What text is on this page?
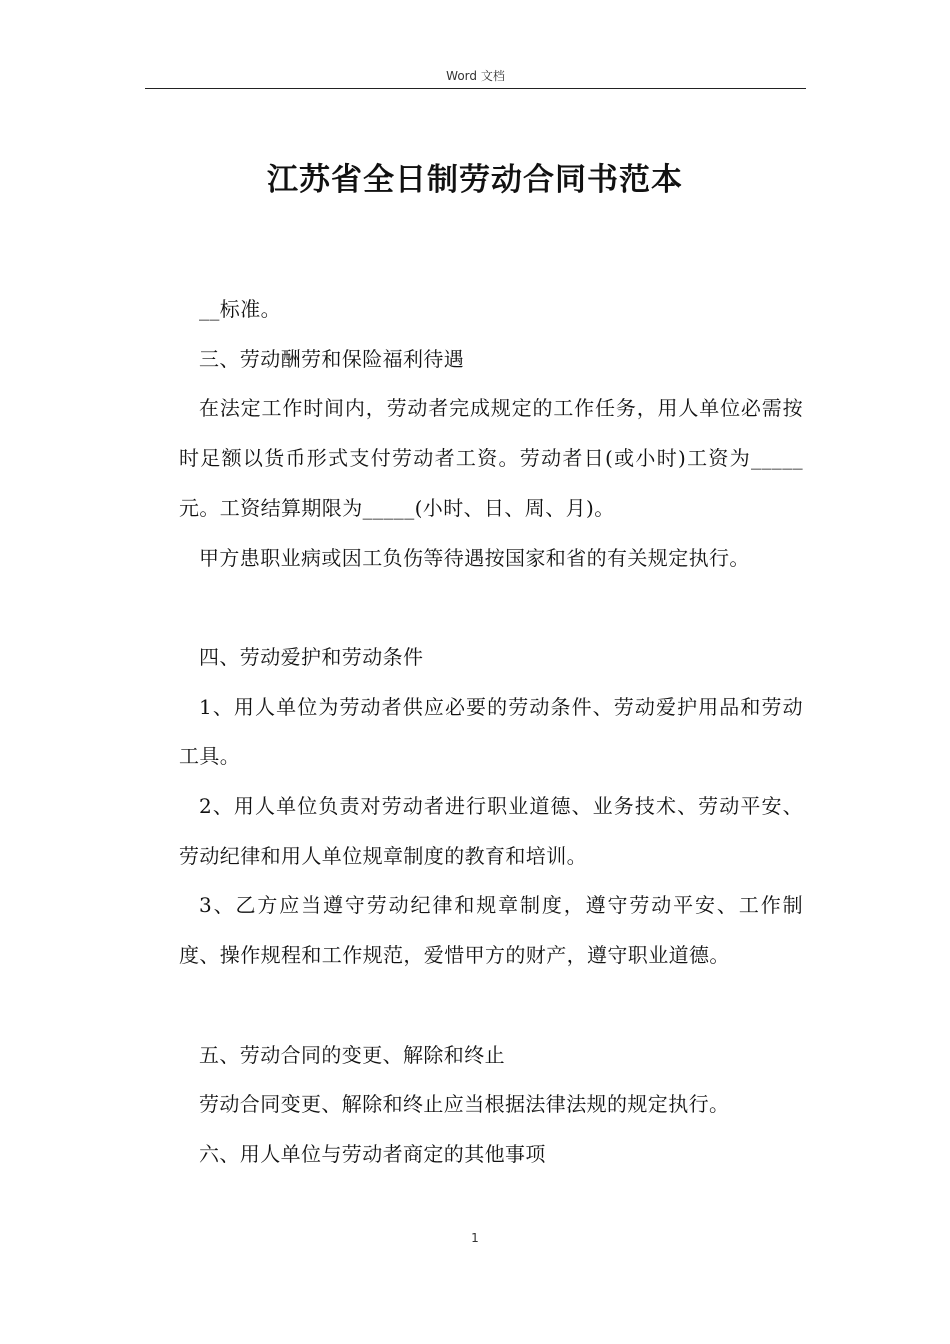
Word 文档
江苏省全日制劳动合同书范本

__标准。

三、劳动酬劳和保险福利待遇

在法定工作时间内，劳动者完成规定的工作任务，用人单位必需按时足额以货币形式支付劳动者工资。劳动者日(或小时)工资为_____元。工资结算期限为_____(小时、日、周、月)。

甲方患职业病或因工负伤等待遇按国家和省的有关规定执行。

四、劳动爱护和劳动条件

1、用人单位为劳动者供应必要的劳动条件、劳动爱护用品和劳动工具。

2、用人单位负责对劳动者进行职业道德、业务技术、劳动平安、劳动纪律和用人单位规章制度的教育和培训。

3、乙方应当遵守劳动纪律和规章制度，遵守劳动平安、工作制度、操作规程和工作规范，爱惜甲方的财产，遵守职业道德。

五、劳动合同的变更、解除和终止

劳动合同变更、解除和终止应当根据法律法规的规定执行。

六、用人单位与劳动者商定的其他事项

1
